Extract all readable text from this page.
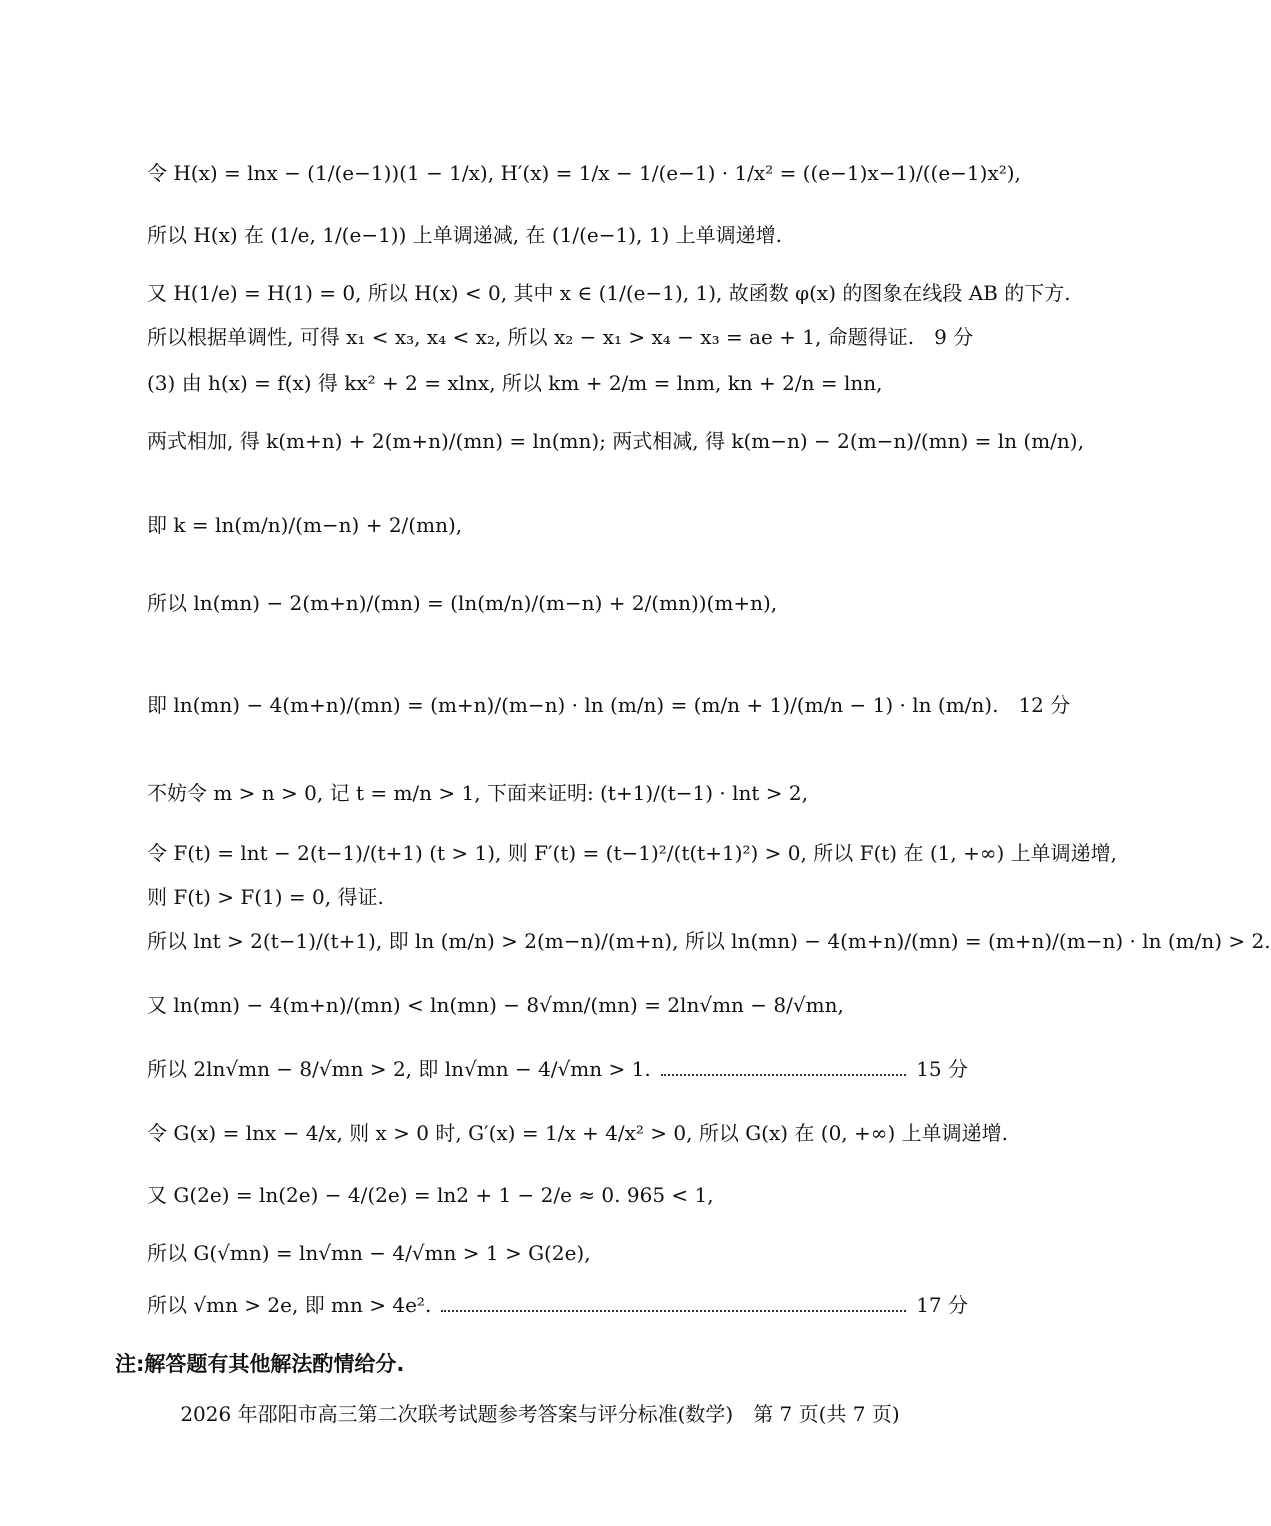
令 H(x) = lnx − (1/(e−1))(1 − 1/x), H′(x) = 1/x − 1/(e−1) · 1/x² = ((e−1)x−1)/((e−1)x²),
所以 H(x) 在 (1/e, 1/(e−1)) 上单调递减, 在 (1/(e−1), 1) 上单调递增.
又 H(1/e) = H(1) = 0, 所以 H(x) < 0, 其中 x ∈ (1/(e−1), 1), 故函数 φ(x) 的图象在线段 AB 的下方.
所以根据单调性, 可得 x₁ < x₃, x₄ < x₂, 所以 x₂ − x₁ > x₄ − x₃ = ae + 1, 命题得证. 9 分
(3) 由 h(x) = f(x) 得 kx² + 2 = xlnx, 所以 km + 2/m = lnm, kn + 2/n = lnn,
两式相加, 得 k(m+n) + 2(m+n)/(mn) = ln(mn); 两式相减, 得 k(m−n) − 2(m−n)/(mn) = ln (m/n),
即 k = ln(m/n)/(m−n) + 2/(mn),
所以 ln(mn) − 2(m+n)/(mn) = (ln(m/n)/(m−n) + 2/(mn))(m+n),
即 ln(mn) − 4(m+n)/(mn) = (m+n)/(m−n) · ln (m/n) = (m/n + 1)/(m/n − 1) · ln (m/n). 12 分
不妨令 m > n > 0, 记 t = m/n > 1, 下面来证明: (t+1)/(t−1) · lnt > 2,
令 F(t) = lnt − 2(t−1)/(t+1) (t > 1), 则 F′(t) = (t−1)²/(t(t+1)²) > 0, 所以 F(t) 在 (1, +∞) 上单调递增,
则 F(t) > F(1) = 0, 得证.
所以 lnt > 2(t−1)/(t+1), 即 ln (m/n) > 2(m−n)/(m+n), 所以 ln(mn) − 4(m+n)/(mn) = (m+n)/(m−n) · ln (m/n) > 2.
又 ln(mn) − 4(m+n)/(mn) < ln(mn) − 8√mn/(mn) = 2ln√mn − 8/√mn,
所以 2ln√mn − 8/√mn > 2, 即 ln√mn − 4/√mn > 1.	15 分
令 G(x) = lnx − 4/x, 则 x > 0 时, G′(x) = 1/x + 4/x² > 0, 所以 G(x) 在 (0, +∞) 上单调递增.
又 G(2e) = ln(2e) − 4/(2e) = ln2 + 1 − 2/e ≈ 0. 965 < 1,
所以 G(√mn) = ln√mn − 4/√mn > 1 > G(2e),
所以 √mn > 2e, 即 mn > 4e².	17 分
注:解答题有其他解法酌情给分.
2026 年邵阳市高三第二次联考试题参考答案与评分标准(数学) 第 7 页(共 7 页)
